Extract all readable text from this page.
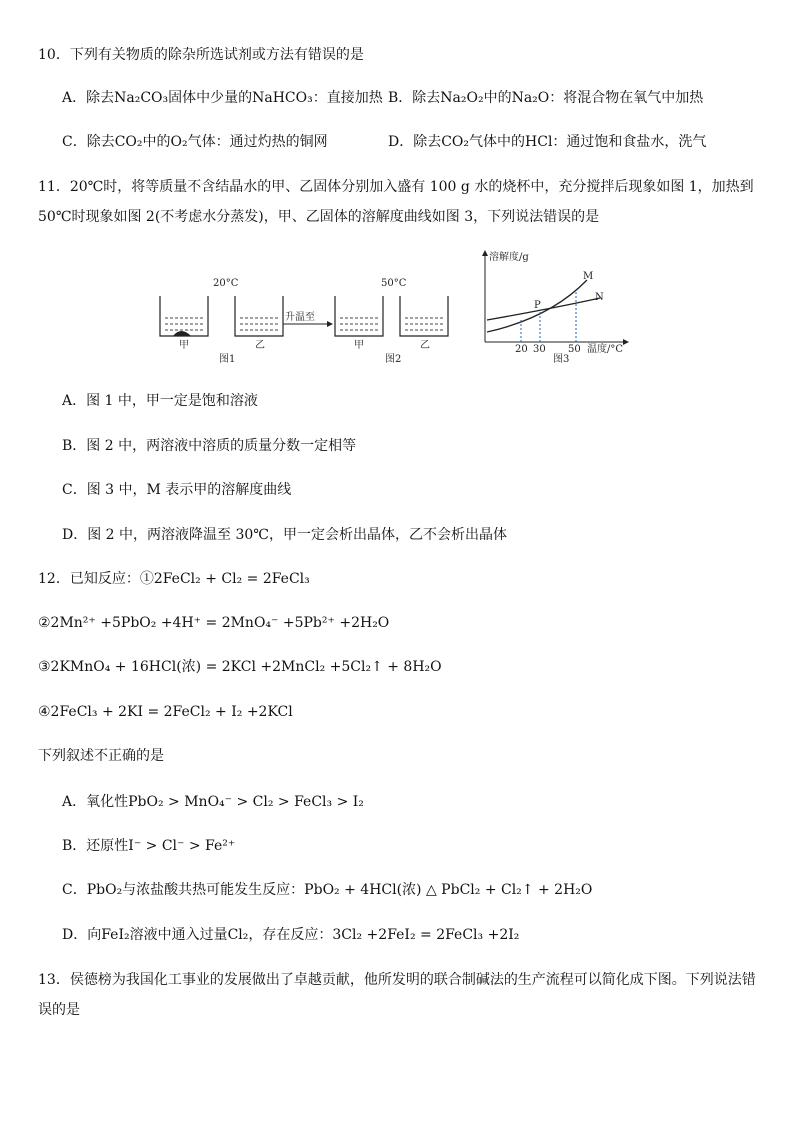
10．下列有关物质的除杂所选试剂或方法有错误的是
A．除去Na₂CO₃固体中少量的NaHCO₃：直接加热 B．除去Na₂O₂中的Na₂O：将混合物在氧气中加热
C．除去CO₂中的O₂气体：通过灼热的铜网	D．除去CO₂气体中的HCl：通过饱和食盐水，洗气
11．20℃时，将等质量不含结晶水的甲、乙固体分别加入盛有 100 g 水的烧杯中，充分搅拌后现象如图 1，加热到
50℃时现象如图 2(不考虑水分蒸发)，甲、乙固体的溶解度曲线如图 3，下列说法错误的是
20°C
甲	乙
图1
升温至
50°C
甲	乙
图2
溶解度/g
M
N
P
20 30 50 温度/°C
图3
A．图 1 中，甲一定是饱和溶液
B．图 2 中，两溶液中溶质的质量分数一定相等
C．图 3 中，M 表示甲的溶解度曲线
D．图 2 中，两溶液降温至 30℃，甲一定会析出晶体，乙不会析出晶体
12．已知反应：①2FeCl₂ + Cl₂ = 2FeCl₃
②2Mn²⁺ +5PbO₂ +4H⁺ = 2MnO₄⁻ +5Pb²⁺ +2H₂O
③2KMnO₄ + 16HCl(浓) = 2KCl +2MnCl₂ +5Cl₂↑ + 8H₂O
④2FeCl₃ + 2KI = 2FeCl₂ + I₂ +2KCl
下列叙述不正确的是
A．氧化性PbO₂ > MnO₄⁻ > Cl₂ > FeCl₃ > I₂
B．还原性I⁻ > Cl⁻ > Fe²⁺
C．PbO₂与浓盐酸共热可能发生反应：PbO₂ + 4HCl(浓) △ PbCl₂ + Cl₂↑ + 2H₂O
D．向FeI₂溶液中通入过量Cl₂，存在反应：3Cl₂ +2FeI₂ = 2FeCl₃ +2I₂
13．侯德榜为我国化工事业的发展做出了卓越贡献，他所发明的联合制碱法的生产流程可以简化成下图。下列说法错
误的是
